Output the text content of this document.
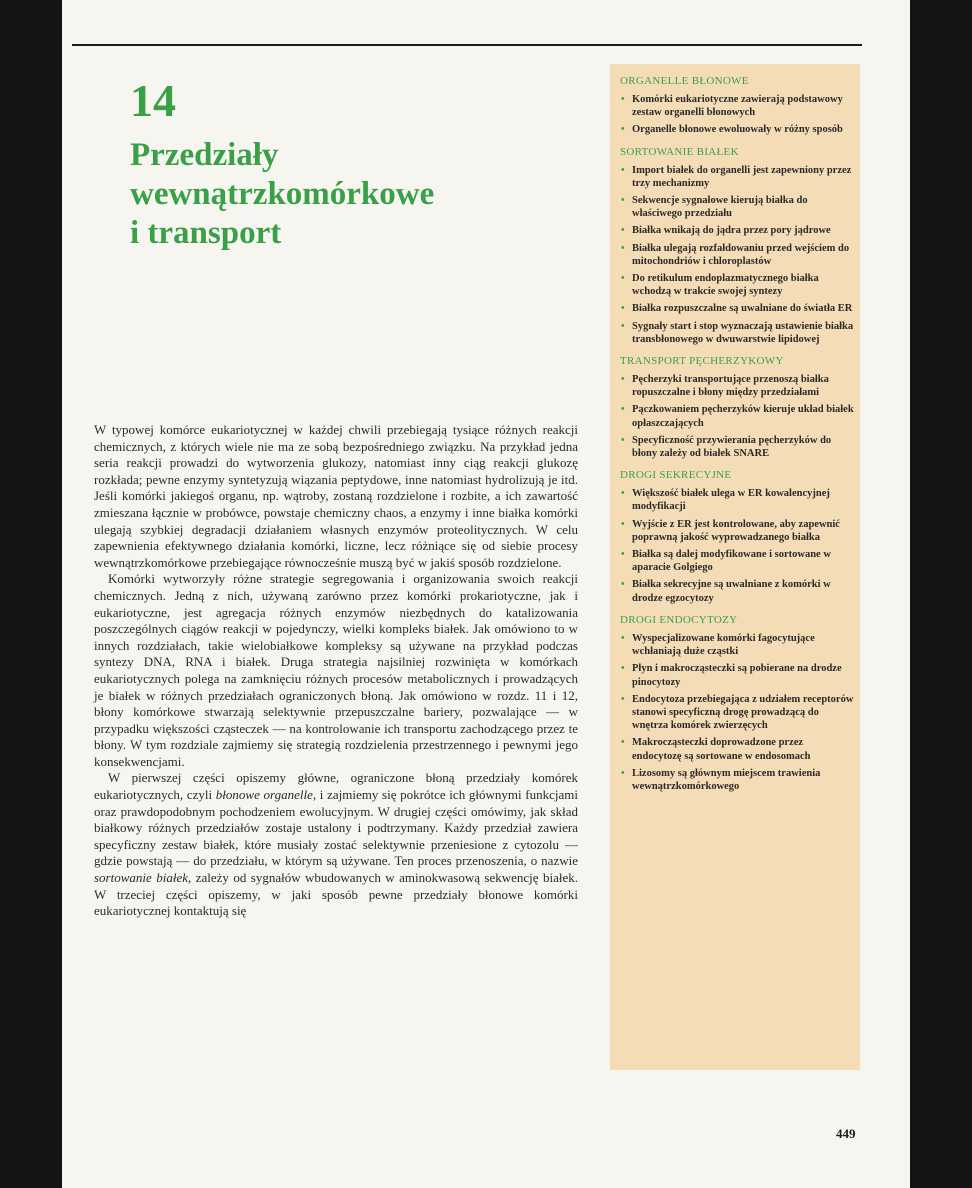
14
Przedziały
wewnątrzkomórkowe
i transport

W typowej komórce eukariotycznej w każdej chwili przebiegają tysiące różnych reakcji chemicznych, z których wiele nie ma ze sobą bezpośredniego związku. Na przykład jedna seria reakcji prowadzi do wytworzenia glukozy, natomiast inny ciąg reakcji glukozę rozkłada; pewne enzymy syntetyzują wiązania peptydowe, inne natomiast hydrolizują je itd. Jeśli komórki jakiegoś organu, np. wątroby, zostaną rozdzielone i rozbite, a ich zawartość zmieszana łącznie w probówce, powstaje chemiczny chaos, a enzymy i inne białka komórki ulegają szybkiej degradacji działaniem własnych enzymów proteolitycznych. W celu zapewnienia efektywnego działania komórki, liczne, lecz różniące się od siebie procesy wewnątrzkomórkowe przebiegające równocześnie muszą być w jakiś sposób rozdzielone.

Komórki wytworzyły różne strategie segregowania i organizowania swoich reakcji chemicznych. Jedną z nich, używaną zarówno przez komórki prokariotyczne, jak i eukariotyczne, jest agregacja różnych enzymów niezbędnych do katalizowania poszczególnych ciągów reakcji w pojedynczy, wielki kompleks białek. Jak omówiono to w innych rozdziałach, takie wielobiałkowe kompleksy są używane na przykład podczas syntezy DNA, RNA i białek. Druga strategia najsilniej rozwinięta w komórkach eukariotycznych polega na zamknięciu różnych procesów metabolicznych i prowadzących je białek w różnych przedziałach ograniczonych błoną. Jak omówiono w rozdz. 11 i 12, błony komórkowe stwarzają selektywnie przepuszczalne bariery, pozwalające — w przypadku większości cząsteczek — na kontrolowanie ich transportu zachodzącego przez te błony. W tym rozdziale zajmiemy się strategią rozdzielenia przestrzennego i pewnymi jego konsekwencjami.

W pierwszej części opiszemy główne, ograniczone błoną przedziały komórek eukariotycznych, czyli błonowe organelle, i zajmiemy się pokrótce ich głównymi funkcjami oraz prawdopodobnym pochodzeniem ewolucyjnym. W drugiej części omówimy, jak skład białkowy różnych przedziałów zostaje ustalony i podtrzymany. Każdy przedział zawiera specyficzny zestaw białek, które musiały zostać selektywnie przeniesione z cytozolu — gdzie powstają — do przedziału, w którym są używane. Ten proces przenoszenia, o nazwie sortowanie białek, zależy od sygnałów wbudowanych w aminokwasową sekwencję białek. W trzeciej części opiszemy, w jaki sposób pewne przedziały błonowe komórki eukariotycznej kontaktują się

ORGANELLE BŁONOWE
• Komórki eukariotyczne zawierają podstawowy zestaw organelli błonowych
• Organelle błonowe ewoluowały w różny sposób
SORTOWANIE BIAŁEK
• Import białek do organelli jest zapewniony przez trzy mechanizmy
• Sekwencje sygnałowe kierują białka do właściwego przedziału
• Białka wnikają do jądra przez pory jądrowe
• Białka ulegają rozfałdowaniu przed wejściem do mitochondriów i chloroplastów
• Do retikulum endoplazmatycznego białka wchodzą w trakcie swojej syntezy
• Białka rozpuszczalne są uwalniane do światła ER
• Sygnały start i stop wyznaczają ustawienie białka transbłonowego w dwuwarstwie lipidowej
TRANSPORT PĘCHERZYKOWY
• Pęcherzyki transportujące przenoszą białka ropuszczalne i błony między przedziałami
• Pączkowaniem pęcherzyków kieruje układ białek opłaszczających
• Specyficzność przywierania pęcherzyków do błony zależy od białek SNARE
DROGI SEKRECYJNE
• Większość białek ulega w ER kowalencyjnej modyfikacji
• Wyjście z ER jest kontrolowane, aby zapewnić poprawną jakość wyprowadzanego białka
• Białka są dalej modyfikowane i sortowane w aparacie Golgiego
• Białka sekrecyjne są uwalniane z komórki w drodze egzocytozy
DROGI ENDOCYTOZY
• Wyspecjalizowane komórki fagocytujące wchłaniają duże cząstki
• Płyn i makrocząsteczki są pobierane na drodze pinocytozy
• Endocytoza przebiegająca z udziałem receptorów stanowi specyficzną drogę prowadzącą do wnętrza komórek zwierzęcych
• Makrocząsteczki doprowadzone przez endocytozę są sortowane w endosomach
• Lizosomy są głównym miejscem trawienia wewnątrzkomórkowego
449
